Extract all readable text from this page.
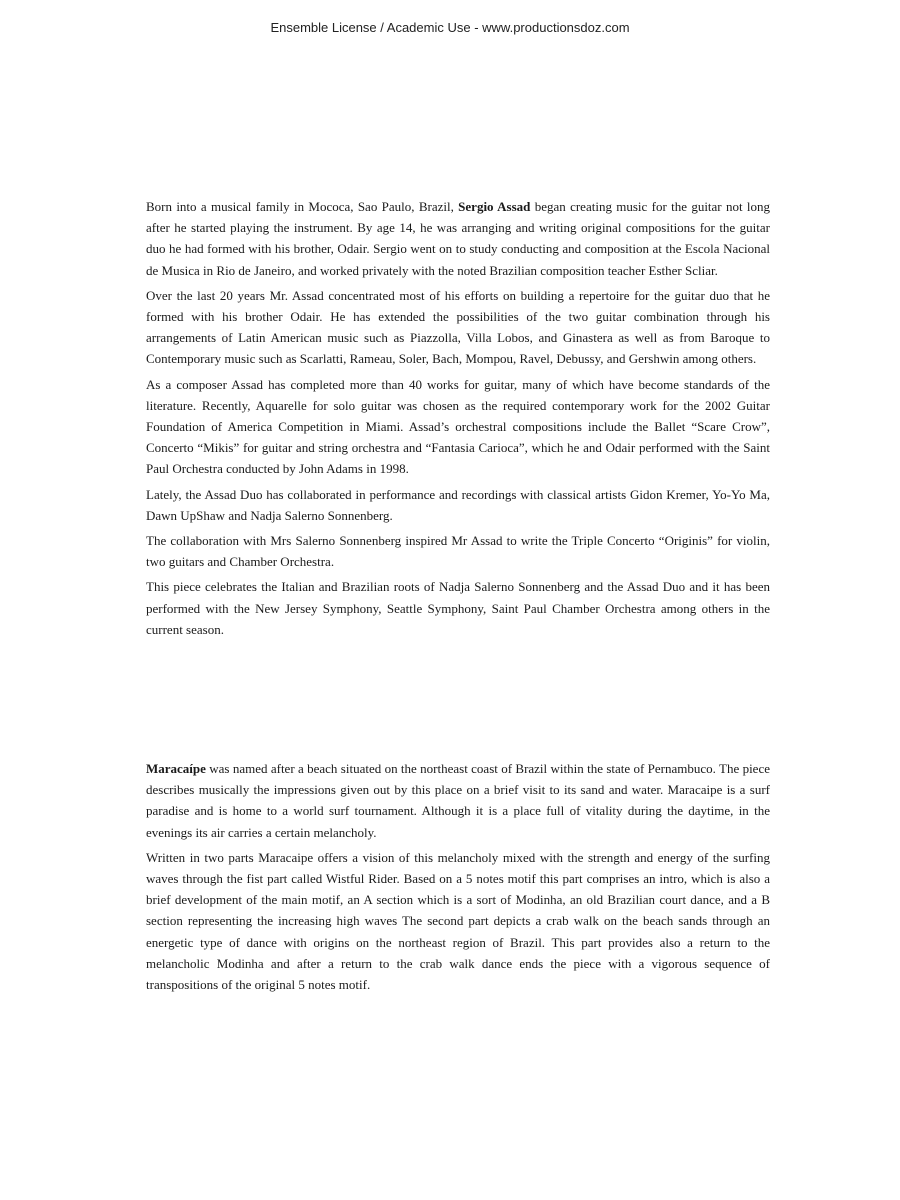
Ensemble License / Academic Use - www.productionsdoz.com

Born into a musical family in Mococa, Sao Paulo, Brazil, Sergio Assad began creating music for the guitar not long after he started playing the instrument. By age 14, he was arranging and writing original compositions for the guitar duo he had formed with his brother, Odair. Sergio went on to study conducting and composition at the Escola Nacional de Musica in Rio de Janeiro, and worked privately with the noted Brazilian composition teacher Esther Scliar.

Over the last 20 years Mr. Assad concentrated most of his efforts on building a repertoire for the guitar duo that he formed with his brother Odair. He has extended the possibilities of the two guitar combination through his arrangements of Latin American music such as Piazzolla, Villa Lobos, and Ginastera as well as from Baroque to Contemporary music such as Scarlatti, Rameau, Soler, Bach, Mompou, Ravel, Debussy, and Gershwin among others.

As a composer Assad has completed more than 40 works for guitar, many of which have become standards of the literature. Recently, Aquarelle for solo guitar was chosen as the required contemporary work for the 2002 Guitar Foundation of America Competition in Miami. Assad’s orchestral compositions include the Ballet “Scare Crow”, Concerto “Mikis” for guitar and string orchestra and “Fantasia Carioca”, which he and Odair performed with the Saint Paul Orchestra conducted by John Adams in 1998.

Lately, the Assad Duo has collaborated in performance and recordings with classical artists Gidon Kremer, Yo-Yo Ma, Dawn UpShaw and Nadja Salerno Sonnenberg.

The collaboration with Mrs Salerno Sonnenberg inspired Mr Assad to write the Triple Concerto “Originis” for violin, two guitars and Chamber Orchestra.

This piece celebrates the Italian and Brazilian roots of Nadja Salerno Sonnenberg and the Assad Duo and it has been performed with the New Jersey Symphony, Seattle Symphony, Saint Paul Chamber Orchestra among others in the current season.

Maracaípe was named after a beach situated on the northeast coast of Brazil within the state of Pernambuco. The piece describes musically the impressions given out by this place on a brief visit to its sand and water. Maracaipe is a surf paradise and is home to a world surf tournament. Although it is a place full of vitality during the daytime, in the evenings its air carries a certain melancholy.

Written in two parts Maracaipe offers a vision of this melancholy mixed with the strength and energy of the surfing waves through the fist part called Wistful Rider. Based on a 5 notes motif this part comprises an intro, which is also a brief development of the main motif, an A section which is a sort of Modinha, an old Brazilian court dance, and a B section representing the increasing high waves The second part depicts a crab walk on the beach sands through an energetic type of dance with origins on the northeast region of Brazil. This part provides also a return to the melancholic Modinha and after a return to the crab walk dance ends the piece with a vigorous sequence of transpositions of the original 5 notes motif.
